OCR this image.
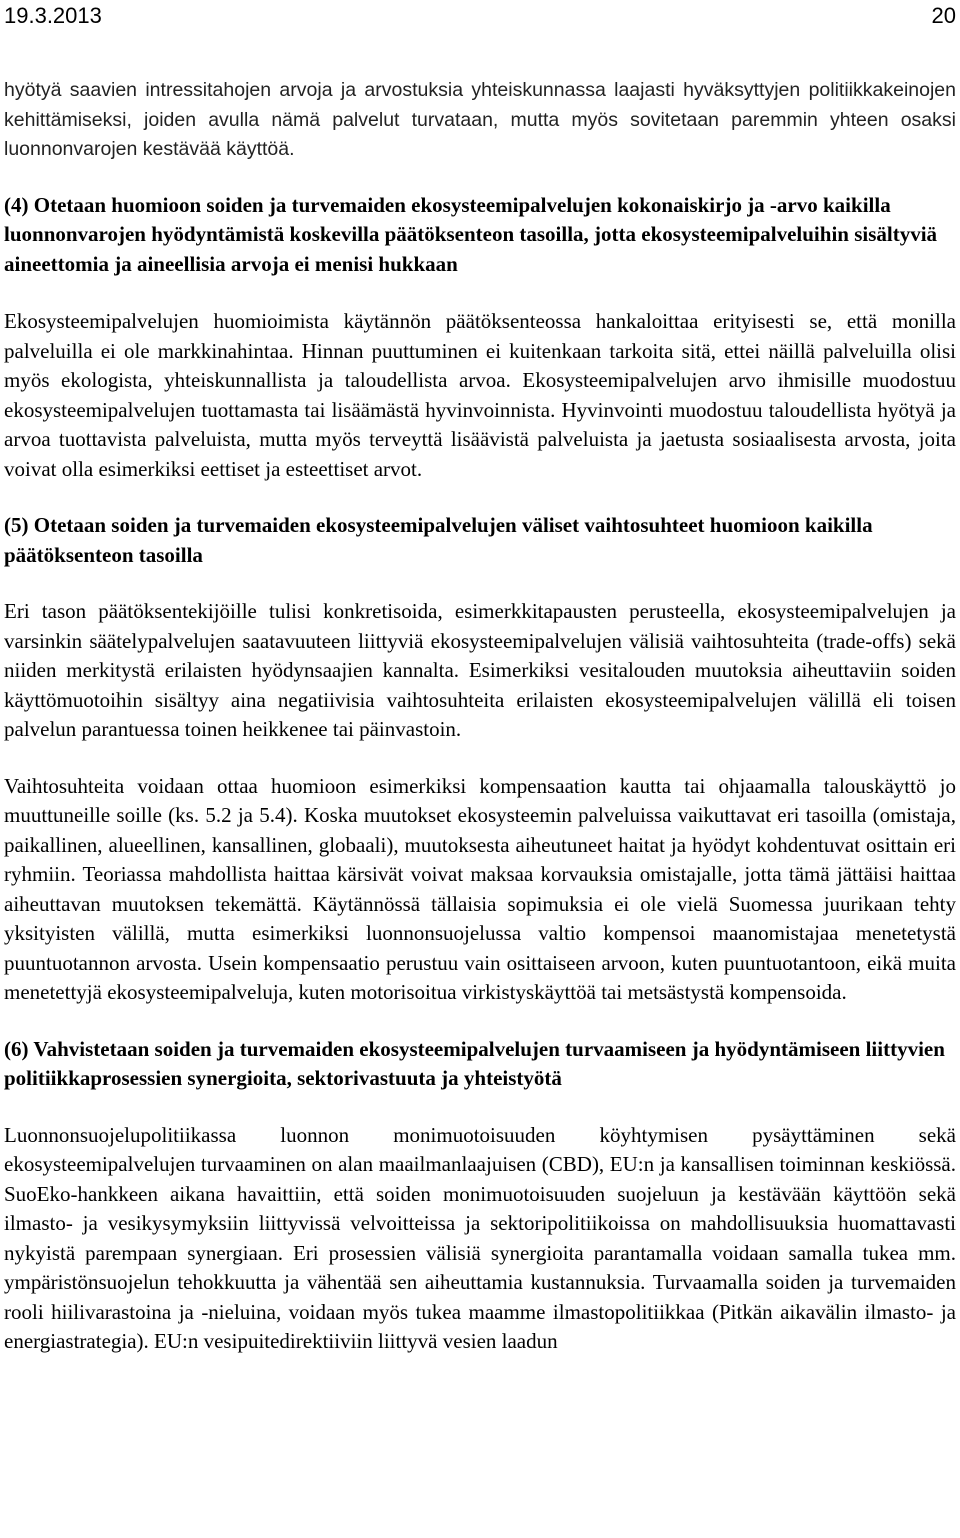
19.3.2013	20

hyötyä saavien intressitahojen arvoja ja arvostuksia yhteiskunnassa laajasti hyväksyttyjen politiikkakeinojen kehittämiseksi, joiden avulla nämä palvelut turvataan, mutta myös sovitetaan paremmin yhteen osaksi luonnonvarojen kestävää käyttöä.

(4) Otetaan huomioon soiden ja turvemaiden ekosysteemipalvelujen kokonaiskirjo ja -arvo kaikilla luonnonvarojen hyödyntämistä koskevilla päätöksenteon tasoilla, jotta ekosysteemipalveluihin sisältyviä aineettomia ja aineellisia arvoja ei menisi hukkaan

Ekosysteemipalvelujen huomioimista käytännön päätöksenteossa hankaloittaa erityisesti se, että monilla palveluilla ei ole markkinahintaa. Hinnan puuttuminen ei kuitenkaan tarkoita sitä, ettei näillä palveluilla olisi myös ekologista, yhteiskunnallista ja taloudellista arvoa. Ekosysteemipalvelujen arvo ihmisille muodostuu ekosysteemipalvelujen tuottamasta tai lisäämästä hyvinvoinnista. Hyvinvointi muodostuu taloudellista hyötyä ja arvoa tuottavista palveluista, mutta myös terveyttä lisäävistä palveluista ja jaetusta sosiaalisesta arvosta, joita voivat olla esimerkiksi eettiset ja esteettiset arvot.

(5) Otetaan soiden ja turvemaiden ekosysteemipalvelujen väliset vaihtosuhteet huomioon kaikilla päätöksenteon tasoilla

Eri tason päätöksentekijöille tulisi konkretisoida, esimerkkitapausten perusteella, ekosysteemipalvelujen ja varsinkin säätelypalvelujen saatavuuteen liittyviä ekosysteemipalvelujen välisiä vaihtosuhteita (trade-offs) sekä niiden merkitystä erilaisten hyödynsaajien kannalta. Esimerkiksi vesitalouden muutoksia aiheuttaviin soiden käyttömuotoihin sisältyy aina negatiivisia vaihtosuhteita erilaisten ekosysteemipalvelujen välillä eli toisen palvelun parantuessa toinen heikkenee tai päinvastoin.

Vaihtosuhteita voidaan ottaa huomioon esimerkiksi kompensaation kautta tai ohjaamalla talouskäyttö jo muuttuneille soille (ks. 5.2 ja 5.4). Koska muutokset ekosysteemin palveluissa vaikuttavat eri tasoilla (omistaja, paikallinen, alueellinen, kansallinen, globaali), muutoksesta aiheutuneet haitat ja hyödyt kohdentuvat osittain eri ryhmiin. Teoriassa mahdollista haittaa kärsivät voivat maksaa korvauksia omistajalle, jotta tämä jättäisi haittaa aiheuttavan muutoksen tekemättä. Käytännössä tällaisia sopimuksia ei ole vielä Suomessa juurikaan tehty yksityisten välillä, mutta esimerkiksi luonnonsuojelussa valtio kompensoi maanomistajaa menetetystä puuntuotannon arvosta. Usein kompensaatio perustuu vain osittaiseen arvoon, kuten puuntuotantoon, eikä muita menetettyjä ekosysteemipalveluja, kuten motorisoitua virkistyskäyttöä tai metsästystä kompensoida.

(6) Vahvistetaan soiden ja turvemaiden ekosysteemipalvelujen turvaamiseen ja hyödyntämiseen liittyvien politiikkaprosessien synergioita, sektorivastuuta ja yhteistyötä

Luonnonsuojelupolitiikassa luonnon monimuotoisuuden köyhtymisen pysäyttäminen sekä ekosysteemipalvelujen turvaaminen on alan maailmanlaajuisen (CBD), EU:n ja kansallisen toiminnan keskiössä. SuoEko-hankkeen aikana havaittiin, että soiden monimuotoisuuden suojeluun ja kestävään käyttöön sekä ilmasto- ja vesikysymyksiin liittyvissä velvoitteissa ja sektoripolitiikoissa on mahdollisuuksia huomattavasti nykyistä parempaan synergiaan. Eri prosessien välisiä synergioita parantamalla voidaan samalla tukea mm. ympäristönsuojelun tehokkuutta ja vähentää sen aiheuttamia kustannuksia. Turvaamalla soiden ja turvemaiden rooli hiilivarastoina ja -nieluina, voidaan myös tukea maamme ilmastopolitiikkaa (Pitkän aikavälin ilmasto- ja energiastrategia). EU:n vesipuitedirektiiviin liittyvä vesien laadun
